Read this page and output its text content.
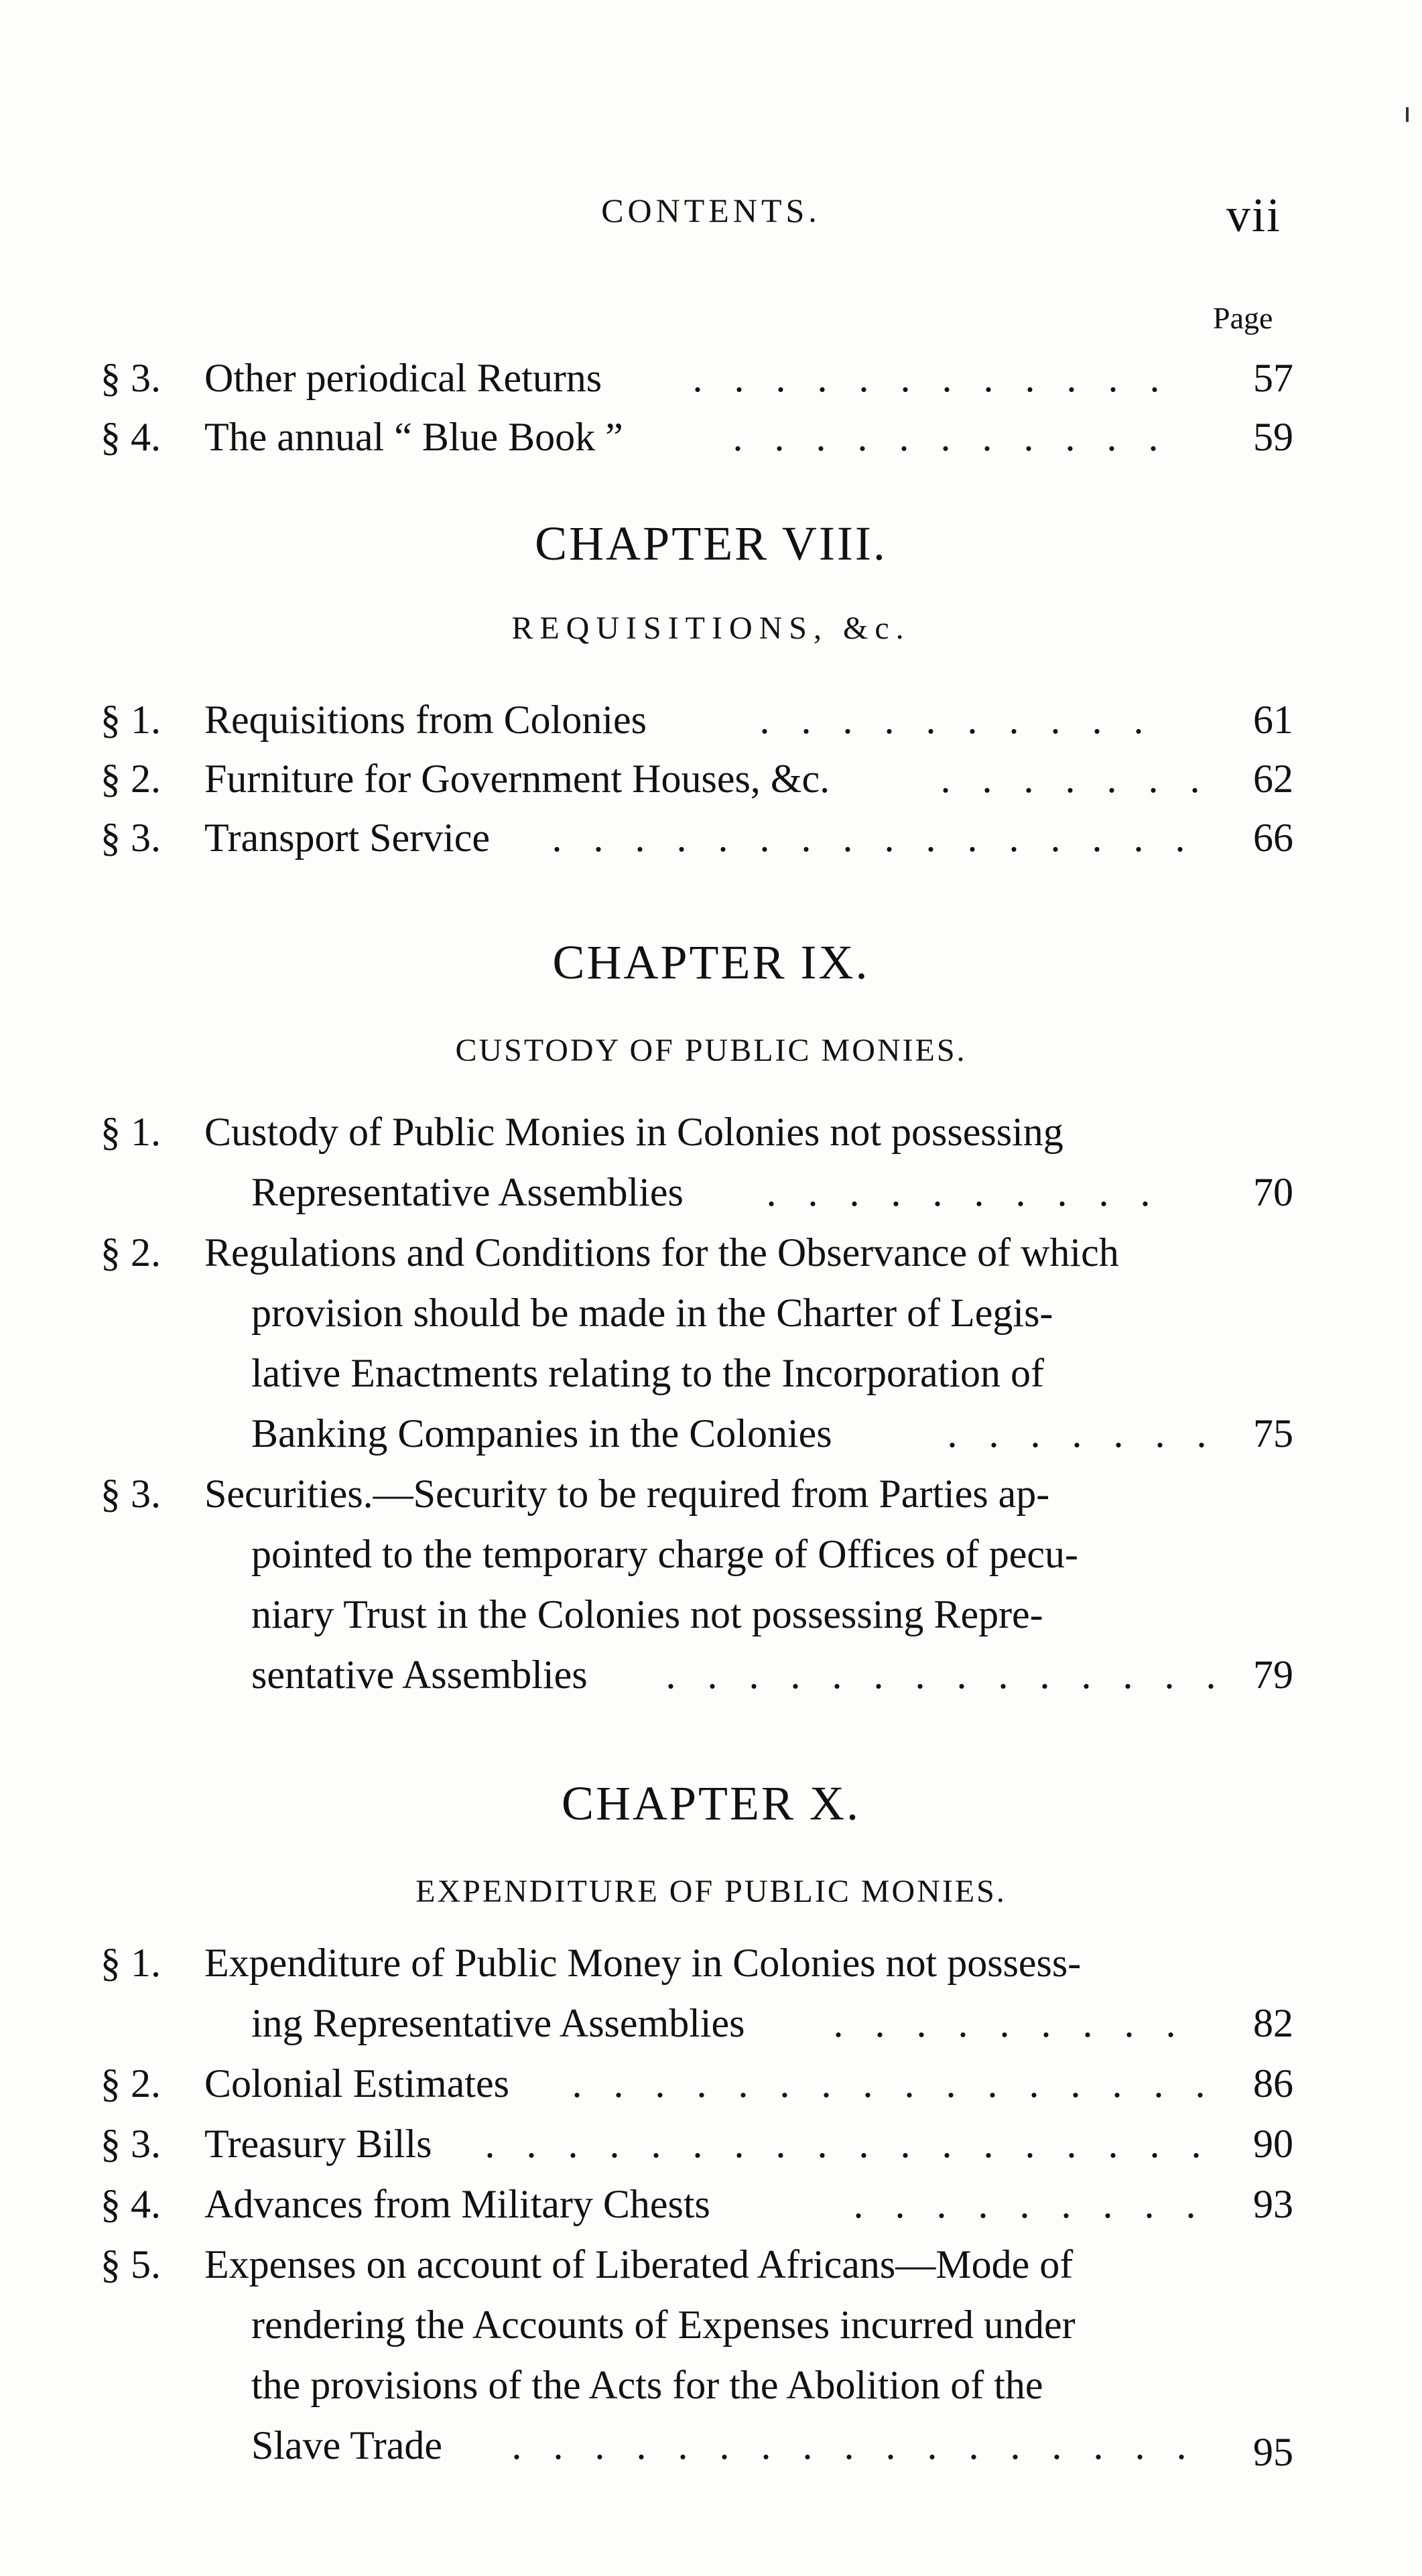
CONTENTS.	vii
Page
§ 3. Other periodical Returns	. . . . . . . . . . . .	57
§ 4. The annual “ Blue Book ”	. . . . . . . . . . .	59
CHAPTER VIII.
REQUISITIONS, &c.
§ 1. Requisitions from Colonies	. . . . . . . . . .	61
§ 2. Furniture for Government Houses, &c.	. . . . . . .	62
§ 3. Transport Service	. . . . . . . . . . . . . . . .	66
CHAPTER IX.
CUSTODY OF PUBLIC MONIES.
§ 1. Custody of Public Monies in Colonies not possessing
Representative Assemblies	. . . . . . . . . .	70
§ 2. Regulations and Conditions for the Observance of which
provision should be made in the Charter of Legis-
lative Enactments relating to the Incorporation of
Banking Companies in the Colonies	. . . . . . .	75
§ 3. Securities.—Security to be required from Parties ap-
pointed to the temporary charge of Offices of pecu-
niary Trust in the Colonies not possessing Repre-
sentative Assemblies	. . . . . . . . . . . . . . 79
CHAPTER X.
EXPENDITURE OF PUBLIC MONIES.
§ 1. Expenditure of Public Money in Colonies not possess-
ing Representative Assemblies	. . . . . . . . .	82
§ 2. Colonial Estimates	. . . . . . . . . . . . . . . .	86
§ 3. Treasury Bills	. . . . . . . . . . . . . . . . . .	90
§ 4. Advances from Military Chests	. . . . . . . . .	93
§ 5. Expenses on account of Liberated Africans—Mode of
rendering the Accounts of Expenses incurred under
the provisions of the Acts for the Abolition of the
Slave Trade	. . . . . . . . . . . . . . . . .	95
